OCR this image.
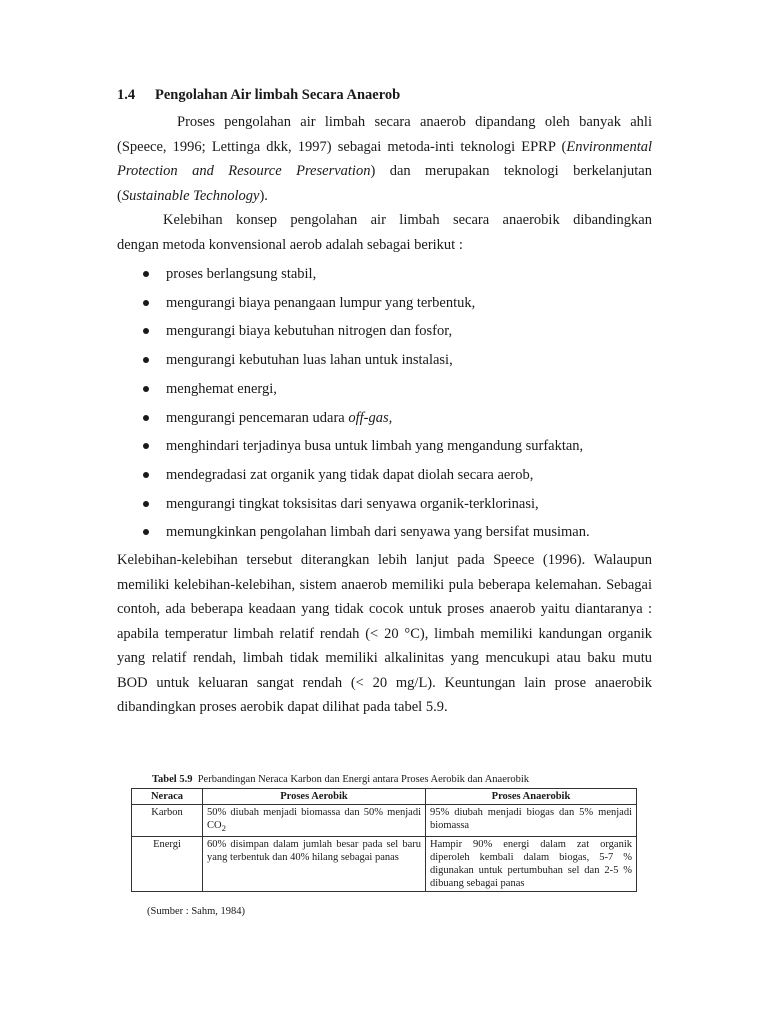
1.4 Pengolahan Air limbah Secara Anaerob

Proses pengolahan air limbah secara anaerob dipandang oleh banyak ahli (Speece, 1996; Lettinga dkk, 1997) sebagai metoda-inti teknologi EPRP (Environmental Protection and Resource Preservation) dan merupakan teknologi berkelanjutan (Sustainable Technology).

Kelebihan konsep pengolahan air limbah secara anaerobik dibandingkan
dengan metoda konvensional aerob adalah sebagai berikut :

proses berlangsung stabil,
mengurangi biaya penangaan lumpur yang terbentuk,
mengurangi biaya kebutuhan nitrogen dan fosfor,
mengurangi kebutuhan luas lahan untuk instalasi,
menghemat energi,
mengurangi pencemaran udara off-gas,
menghindari terjadinya busa untuk limbah yang mengandung surfaktan,
mendegradasi zat organik yang tidak dapat diolah secara aerob,
mengurangi tingkat toksisitas dari senyawa organik-terklorinasi,
memungkinkan pengolahan limbah dari senyawa yang bersifat musiman.

Kelebihan-kelebihan tersebut diterangkan lebih lanjut pada Speece (1996). Walaupun memiliki kelebihan-kelebihan, sistem anaerob memiliki pula beberapa kelemahan. Sebagai contoh, ada beberapa keadaan yang tidak cocok untuk proses anaerob yaitu diantaranya : apabila temperatur limbah relatif rendah (< 20 °C), limbah memiliki kandungan organik yang relatif rendah, limbah tidak memiliki alkalinitas yang mencukupi atau baku mutu BOD untuk keluaran sangat rendah (< 20 mg/L). Keuntungan lain prose anaerobik dibandingkan proses aerobik dapat dilihat pada tabel 5.9.

Tabel 5.9 Perbandingan Neraca Karbon dan Energi antara Proses Aerobik dan Anaerobik
Neraca	Proses Aerobik	Proses Anaerobik
Karbon	50% diubah menjadi biomassa dan 50% menjadi $CO_2$	95% diubah menjadi biogas dan 5% menjadi biomassa
Energi	60% disimpan dalam jumlah besar pada sel baru yang terbentuk dan 40% hilang sebagai panas	Hampir 90% energi dalam zat organik diperoleh kembali dalam biogas, 5-7 % digunakan untuk pertumbuhan sel dan 2-5 % dibuang sebagai panas
(Sumber : Sahm, 1984)
